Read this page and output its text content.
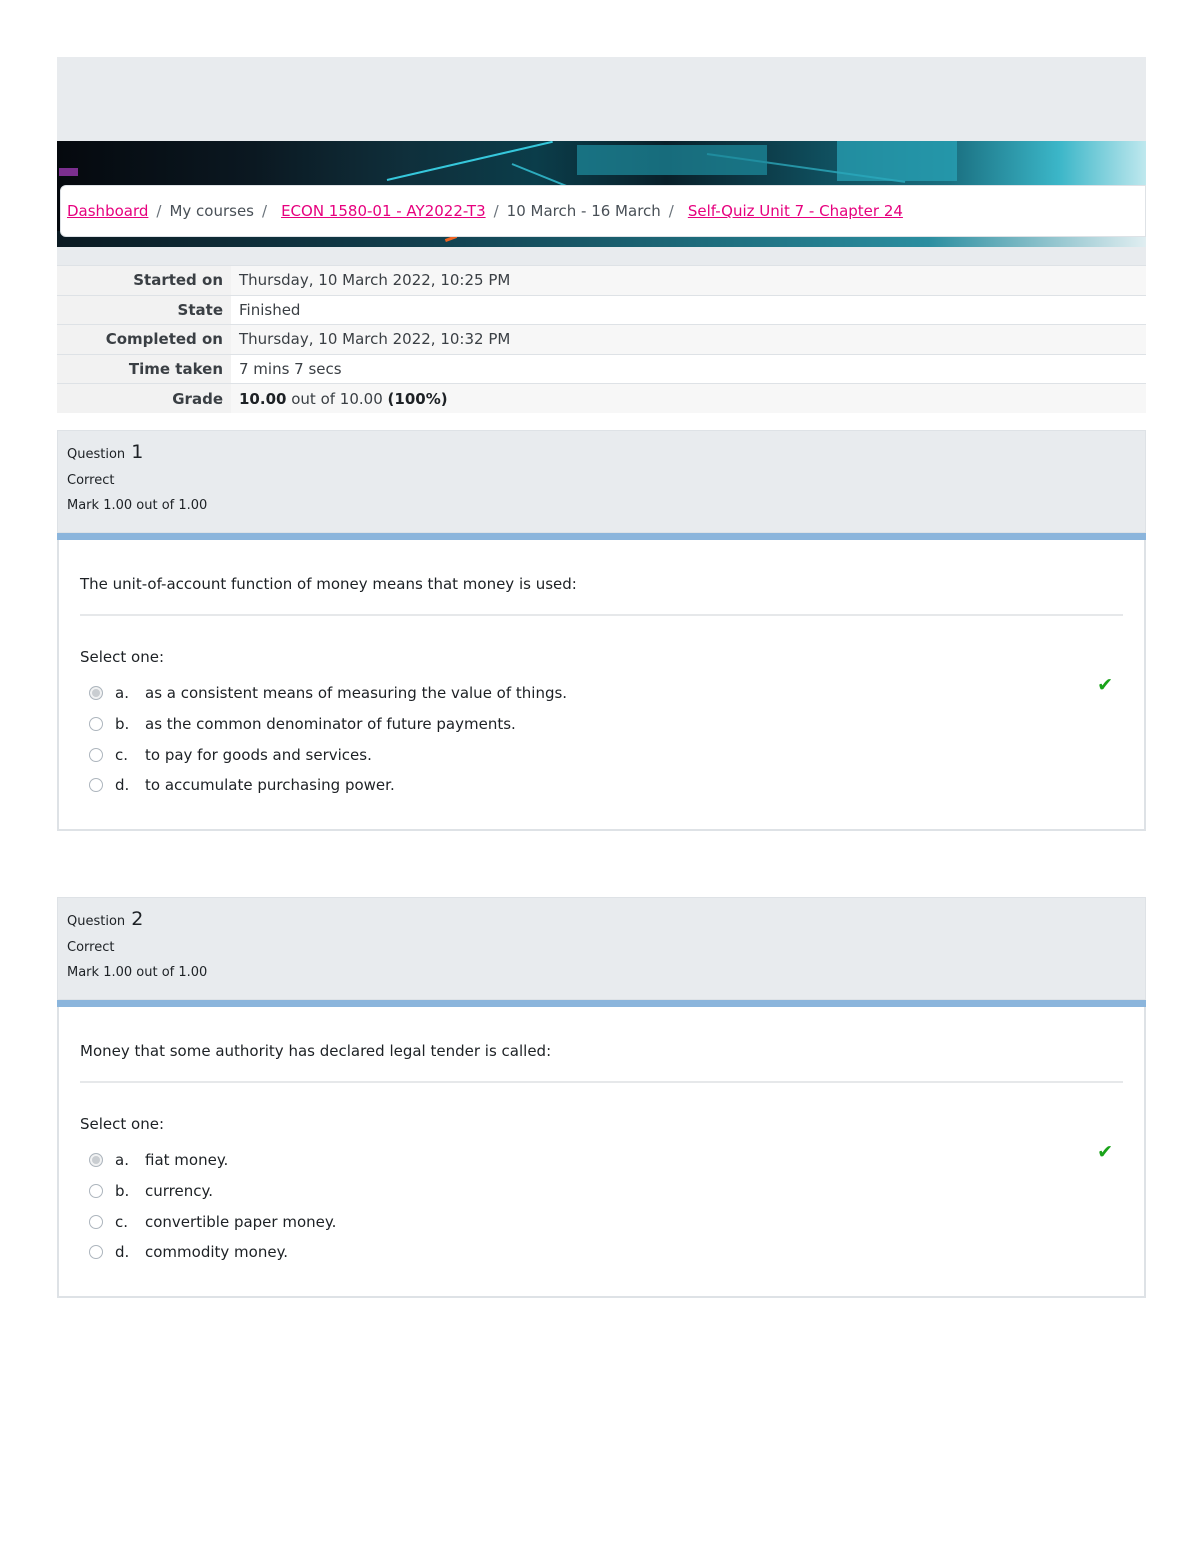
Dashboard / My courses / ECON 1580-01 - AY2022-T3 / 10 March - 16 March / Self-Quiz Unit 7 - Chapter 24
Started on	Thursday, 10 March 2022, 10:25 PM
State	Finished
Completed on	Thursday, 10 March 2022, 10:32 PM
Time taken	7 mins 7 secs
Grade	10.00 out of 10.00 (100%)
Question 1
Correct
Mark 1.00 out of 1.00
The unit-of-account function of money means that money is used:
Select one:
✔
a.	as a consistent means of measuring the value of things.
b.	as the common denominator of future payments.
c.	to pay for goods and services.
d.	to accumulate purchasing power.
Question 2
Correct
Mark 1.00 out of 1.00
Money that some authority has declared legal tender is called:
Select one:
✔
a.	fiat money.
b.	currency.
c.	convertible paper money.
d.	commodity money.
